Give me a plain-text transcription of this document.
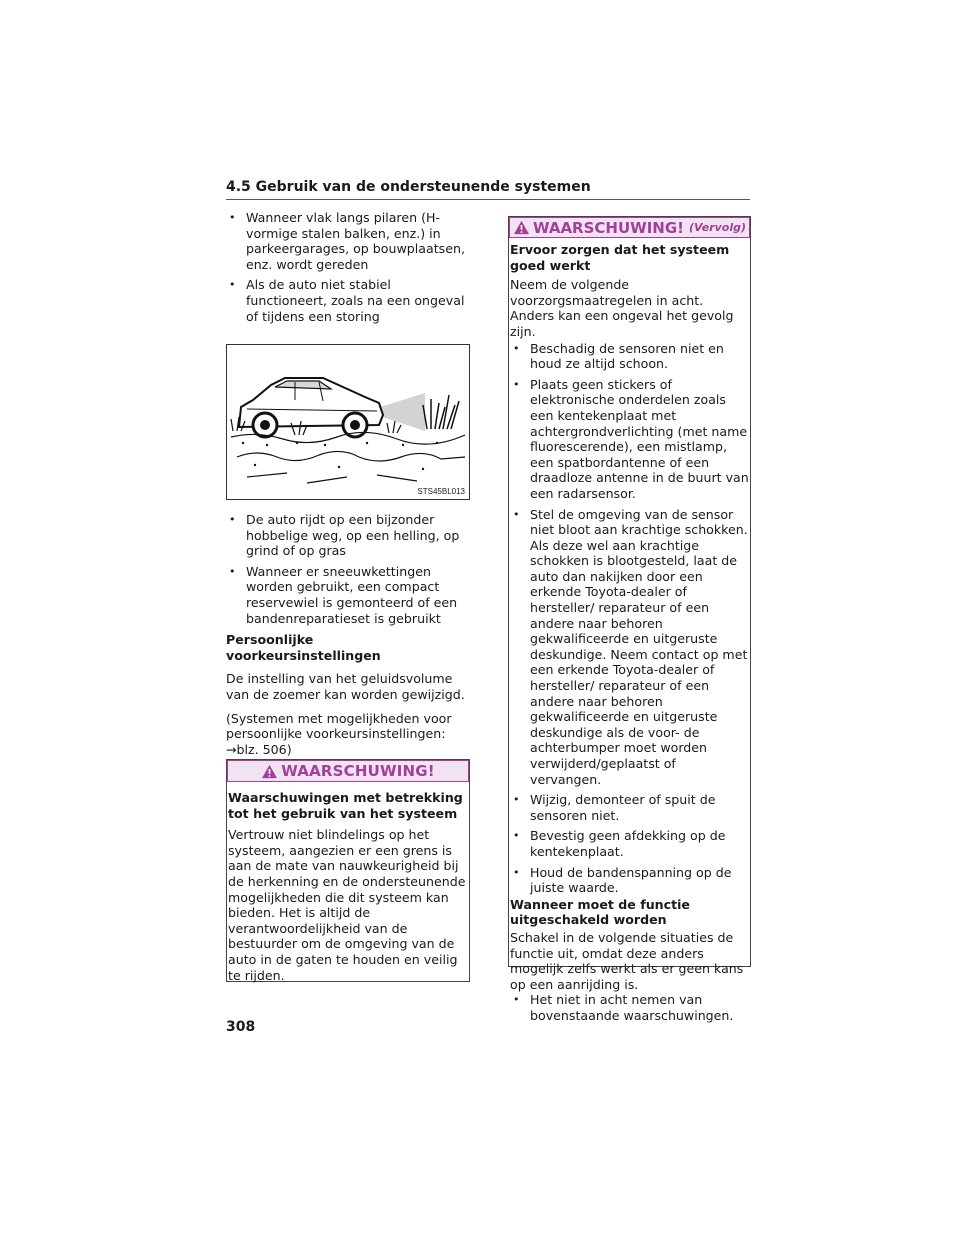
4.5 Gebruik van de ondersteunende systemen
• Wanneer vlak langs pilaren (H-vormige stalen balken, enz.) in parkeergarages, op bouwplaatsen, enz. wordt gereden
• Als de auto niet stabiel functioneert, zoals na een ongeval of tijdens een storing
STS45BL013
• De auto rijdt op een bijzonder hobbelige weg, op een helling, op grind of op gras
• Wanneer er sneeuwkettingen worden gebruikt, een compact reservewiel is gemonteerd of een bandenreparatieset is gebruikt
Persoonlijke voorkeursinstellingen
De instelling van het geluidsvolume van de zoemer kan worden gewijzigd.
(Systemen met mogelijkheden voor persoonlijke voorkeursinstellingen: →blz. 506)
WAARSCHUWING!
Waarschuwingen met betrekking tot het gebruik van het systeem
Vertrouw niet blindelings op het systeem, aangezien er een grens is aan de mate van nauwkeurigheid bij de herkenning en de ondersteunende mogelijkheden die dit systeem kan bieden. Het is altijd de verantwoordelijkheid van de bestuurder om de omgeving van de auto in de gaten te houden en veilig te rijden.
WAARSCHUWING! (Vervolg)
Ervoor zorgen dat het systeem goed werkt
Neem de volgende voorzorgsmaatregelen in acht. Anders kan een ongeval het gevolg zijn.
• Beschadig de sensoren niet en houd ze altijd schoon.
• Plaats geen stickers of elektronische onderdelen zoals een kentekenplaat met achtergrondverlichting (met name fluorescerende), een mistlamp, een spatbordantenne of een draadloze antenne in de buurt van een radarsensor.
• Stel de omgeving van de sensor niet bloot aan krachtige schokken. Als deze wel aan krachtige schokken is blootgesteld, laat de auto dan nakijken door een erkende Toyota-dealer of hersteller/ reparateur of een andere naar behoren gekwalificeerde en uitgeruste deskundige. Neem contact op met een erkende Toyota-dealer of hersteller/ reparateur of een andere naar behoren gekwalificeerde en uitgeruste deskundige als de voor- de achterbumper moet worden verwijderd/geplaatst of vervangen.
• Wijzig, demonteer of spuit de sensoren niet.
• Bevestig geen afdekking op de kentekenplaat.
• Houd de bandenspanning op de juiste waarde.
Wanneer moet de functie uitgeschakeld worden
Schakel in de volgende situaties de functie uit, omdat deze anders mogelijk zelfs werkt als er geen kans op een aanrijding is.
• Het niet in acht nemen van bovenstaande waarschuwingen.
308
